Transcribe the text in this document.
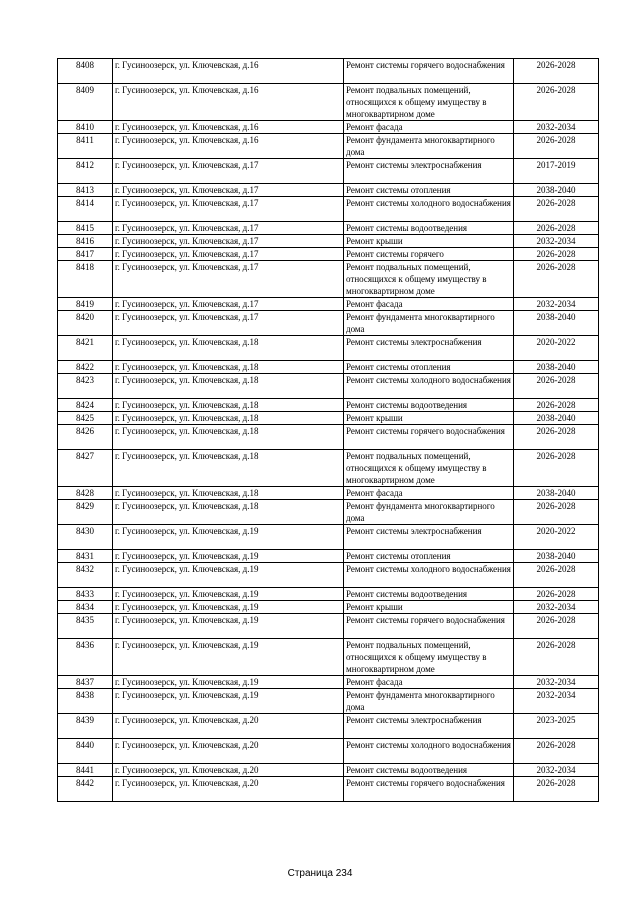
8408	г. Гусиноозерск, ул. Ключевская, д.16	Ремонт системы горячего водоснабжения	2026-2028
8409	г. Гусиноозерск, ул. Ключевская, д.16	Ремонт подвальных помещений, относящихся к общему имуществу в многоквартирном доме	2026-2028
8410	г. Гусиноозерск, ул. Ключевская, д.16	Ремонт фасада	2032-2034
8411	г. Гусиноозерск, ул. Ключевская, д.16	Ремонт фундамента многоквартирного дома	2026-2028
8412	г. Гусиноозерск, ул. Ключевская, д.17	Ремонт системы электроснабжения	2017-2019
8413	г. Гусиноозерск, ул. Ключевская, д.17	Ремонт системы отопления	2038-2040
8414	г. Гусиноозерск, ул. Ключевская, д.17	Ремонт системы холодного водоснабжения	2026-2028
8415	г. Гусиноозерск, ул. Ключевская, д.17	Ремонт системы водоотведения	2026-2028
8416	г. Гусиноозерск, ул. Ключевская, д.17	Ремонт крыши	2032-2034
8417	г. Гусиноозерск, ул. Ключевская, д.17	Ремонт системы горячего	2026-2028
8418	г. Гусиноозерск, ул. Ключевская, д.17	Ремонт подвальных помещений, относящихся к общему имуществу в многоквартирном доме	2026-2028
8419	г. Гусиноозерск, ул. Ключевская, д.17	Ремонт фасада	2032-2034
8420	г. Гусиноозерск, ул. Ключевская, д.17	Ремонт фундамента многоквартирного дома	2038-2040
8421	г. Гусиноозерск, ул. Ключевская, д.18	Ремонт системы электроснабжения	2020-2022
8422	г. Гусиноозерск, ул. Ключевская, д.18	Ремонт системы отопления	2038-2040
8423	г. Гусиноозерск, ул. Ключевская, д.18	Ремонт системы холодного водоснабжения	2026-2028
8424	г. Гусиноозерск, ул. Ключевская, д.18	Ремонт системы водоотведения	2026-2028
8425	г. Гусиноозерск, ул. Ключевская, д.18	Ремонт крыши	2038-2040
8426	г. Гусиноозерск, ул. Ключевская, д.18	Ремонт системы горячего водоснабжения	2026-2028
8427	г. Гусиноозерск, ул. Ключевская, д.18	Ремонт подвальных помещений, относящихся к общему имуществу в многоквартирном доме	2026-2028
8428	г. Гусиноозерск, ул. Ключевская, д.18	Ремонт фасада	2038-2040
8429	г. Гусиноозерск, ул. Ключевская, д.18	Ремонт фундамента многоквартирного дома	2026-2028
8430	г. Гусиноозерск, ул. Ключевская, д.19	Ремонт системы электроснабжения	2020-2022
8431	г. Гусиноозерск, ул. Ключевская, д.19	Ремонт системы отопления	2038-2040
8432	г. Гусиноозерск, ул. Ключевская, д.19	Ремонт системы холодного водоснабжения	2026-2028
8433	г. Гусиноозерск, ул. Ключевская, д.19	Ремонт системы водоотведения	2026-2028
8434	г. Гусиноозерск, ул. Ключевская, д.19	Ремонт крыши	2032-2034
8435	г. Гусиноозерск, ул. Ключевская, д.19	Ремонт системы горячего водоснабжения	2026-2028
8436	г. Гусиноозерск, ул. Ключевская, д.19	Ремонт подвальных помещений, относящихся к общему имуществу в многоквартирном доме	2026-2028
8437	г. Гусиноозерск, ул. Ключевская, д.19	Ремонт фасада	2032-2034
8438	г. Гусиноозерск, ул. Ключевская, д.19	Ремонт фундамента многоквартирного дома	2032-2034
8439	г. Гусиноозерск, ул. Ключевская, д.20	Ремонт системы электроснабжения	2023-2025
8440	г. Гусиноозерск, ул. Ключевская, д.20	Ремонт системы холодного водоснабжения	2026-2028
8441	г. Гусиноозерск, ул. Ключевская, д.20	Ремонт системы водоотведения	2032-2034
8442	г. Гусиноозерск, ул. Ключевская, д.20	Ремонт системы горячего водоснабжения	2026-2028
Страница 234
